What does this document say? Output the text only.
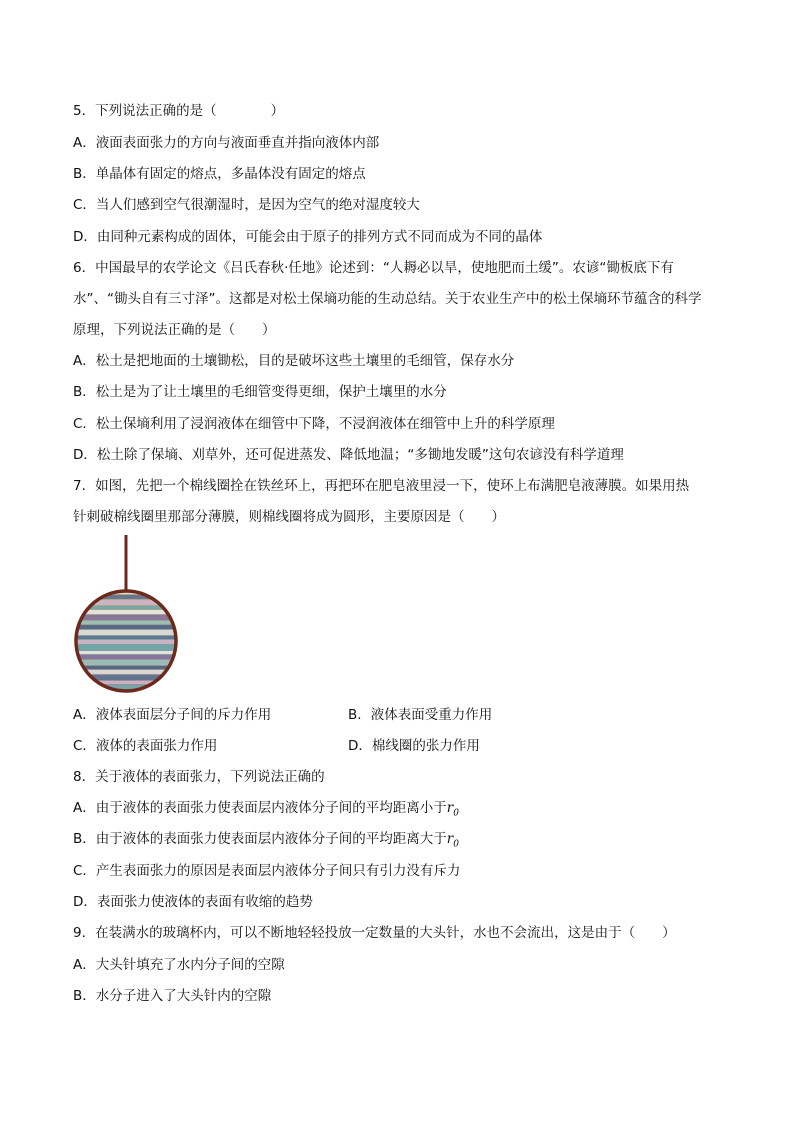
5．下列说法正确的是（　　　　）

A．液面表面张力的方向与液面垂直并指向液体内部

B．单晶体有固定的熔点，多晶体没有固定的熔点

C．当人们感到空气很潮湿时，是因为空气的绝对湿度较大

D．由同种元素构成的固体，可能会由于原子的排列方式不同而成为不同的晶体

6．中国最早的农学论文《吕氏春秋·任地》论述到：“人耨必以旱，使地肥而土缓”。农谚“锄板底下有

水”、“锄头自有三寸泽”。这都是对松土保墒功能的生动总结。关于农业生产中的松土保墒环节蕴含的科学

原理，下列说法正确的是（　　）

A．松土是把地面的土壤锄松，目的是破坏这些土壤里的毛细管，保存水分

B．松土是为了让土壤里的毛细管变得更细，保护土壤里的水分

C．松土保墒利用了浸润液体在细管中下降，不浸润液体在细管中上升的科学原理

D．松土除了保墒、刈草外，还可促进蒸发、降低地温；“多锄地发暖”这句农谚没有科学道理

7．如图，先把一个棉线圈拴在铁丝环上，再把环在肥皂液里浸一下，使环上布满肥皂液薄膜。如果用热

针刺破棉线圈里那部分薄膜，则棉线圈将成为圆形，主要原因是（　　）

A．液体表面层分子间的斥力作用	B．液体表面受重力作用

C．液体的表面张力作用	D．棉线圈的张力作用

8．关于液体的表面张力，下列说法正确的

A．由于液体的表面张力使表面层内液体分子间的平均距离小于$r_0$

B．由于液体的表面张力使表面层内液体分子间的平均距离大于$r_0$

C．产生表面张力的原因是表面层内液体分子间只有引力没有斥力

D．表面张力使液体的表面有收缩的趋势

9．在装满水的玻璃杯内，可以不断地轻轻投放一定数量的大头针，水也不会流出，这是由于（　　）

A．大头针填充了水内分子间的空隙

B．水分子进入了大头针内的空隙
